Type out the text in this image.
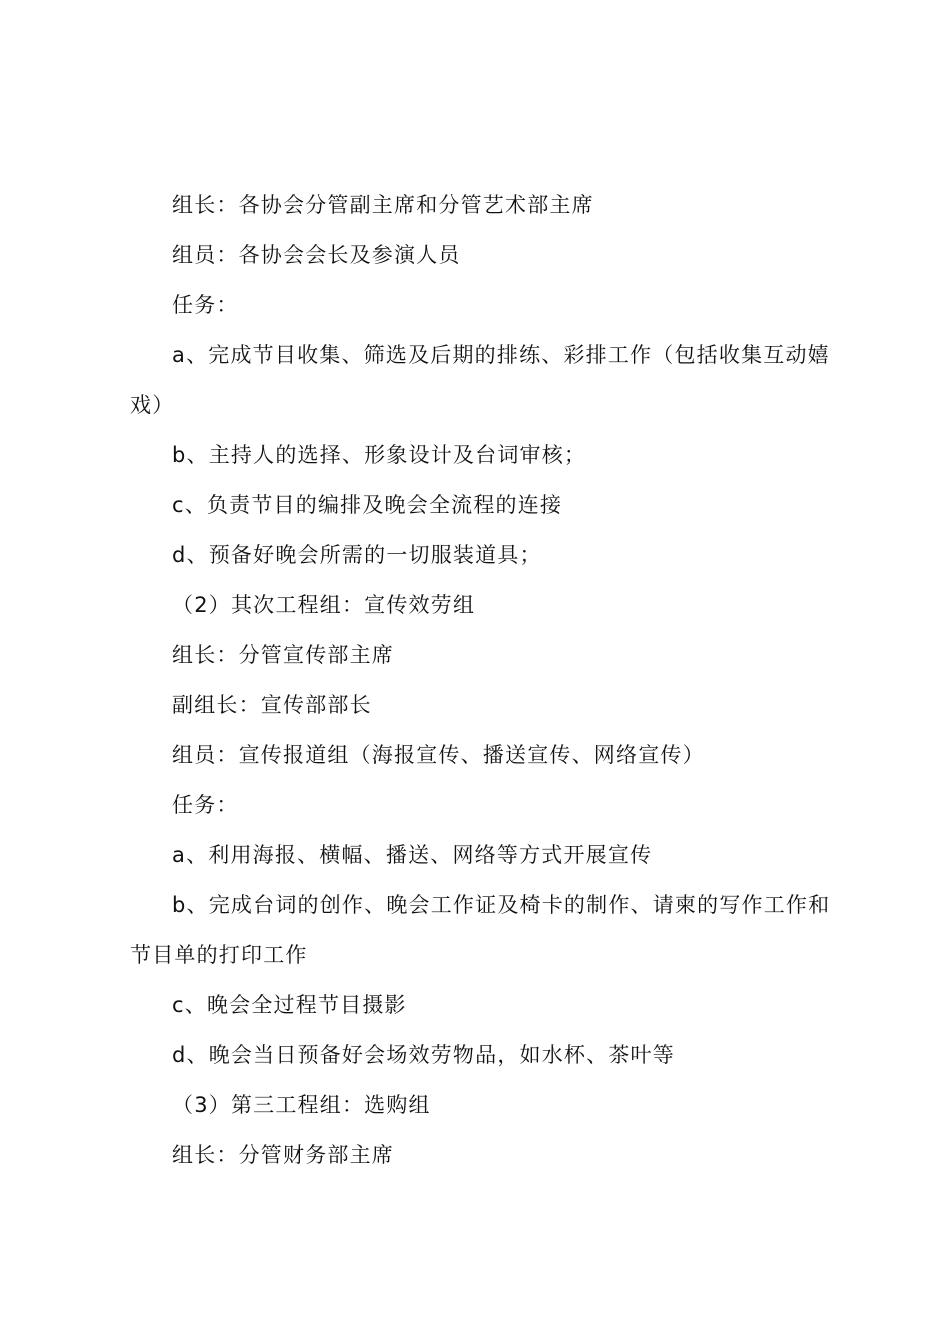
组长：各协会分管副主席和分管艺术部主席

组员：各协会会长及参演人员

任务：

a、完成节目收集、筛选及后期的排练、彩排工作（包括收集互动嬉戏）

b、主持人的选择、形象设计及台词审核；

c、负责节目的编排及晚会全流程的连接

d、预备好晚会所需的一切服装道具；

（2）其次工程组：宣传效劳组

组长：分管宣传部主席

副组长：宣传部部长

组员：宣传报道组（海报宣传、播送宣传、网络宣传）

任务：

a、利用海报、横幅、播送、网络等方式开展宣传

b、完成台词的创作、晚会工作证及椅卡的制作、请柬的写作工作和节目单的打印工作

c、晚会全过程节目摄影

d、晚会当日预备好会场效劳物品，如水杯、茶叶等

（3）第三工程组：选购组

组长：分管财务部主席
